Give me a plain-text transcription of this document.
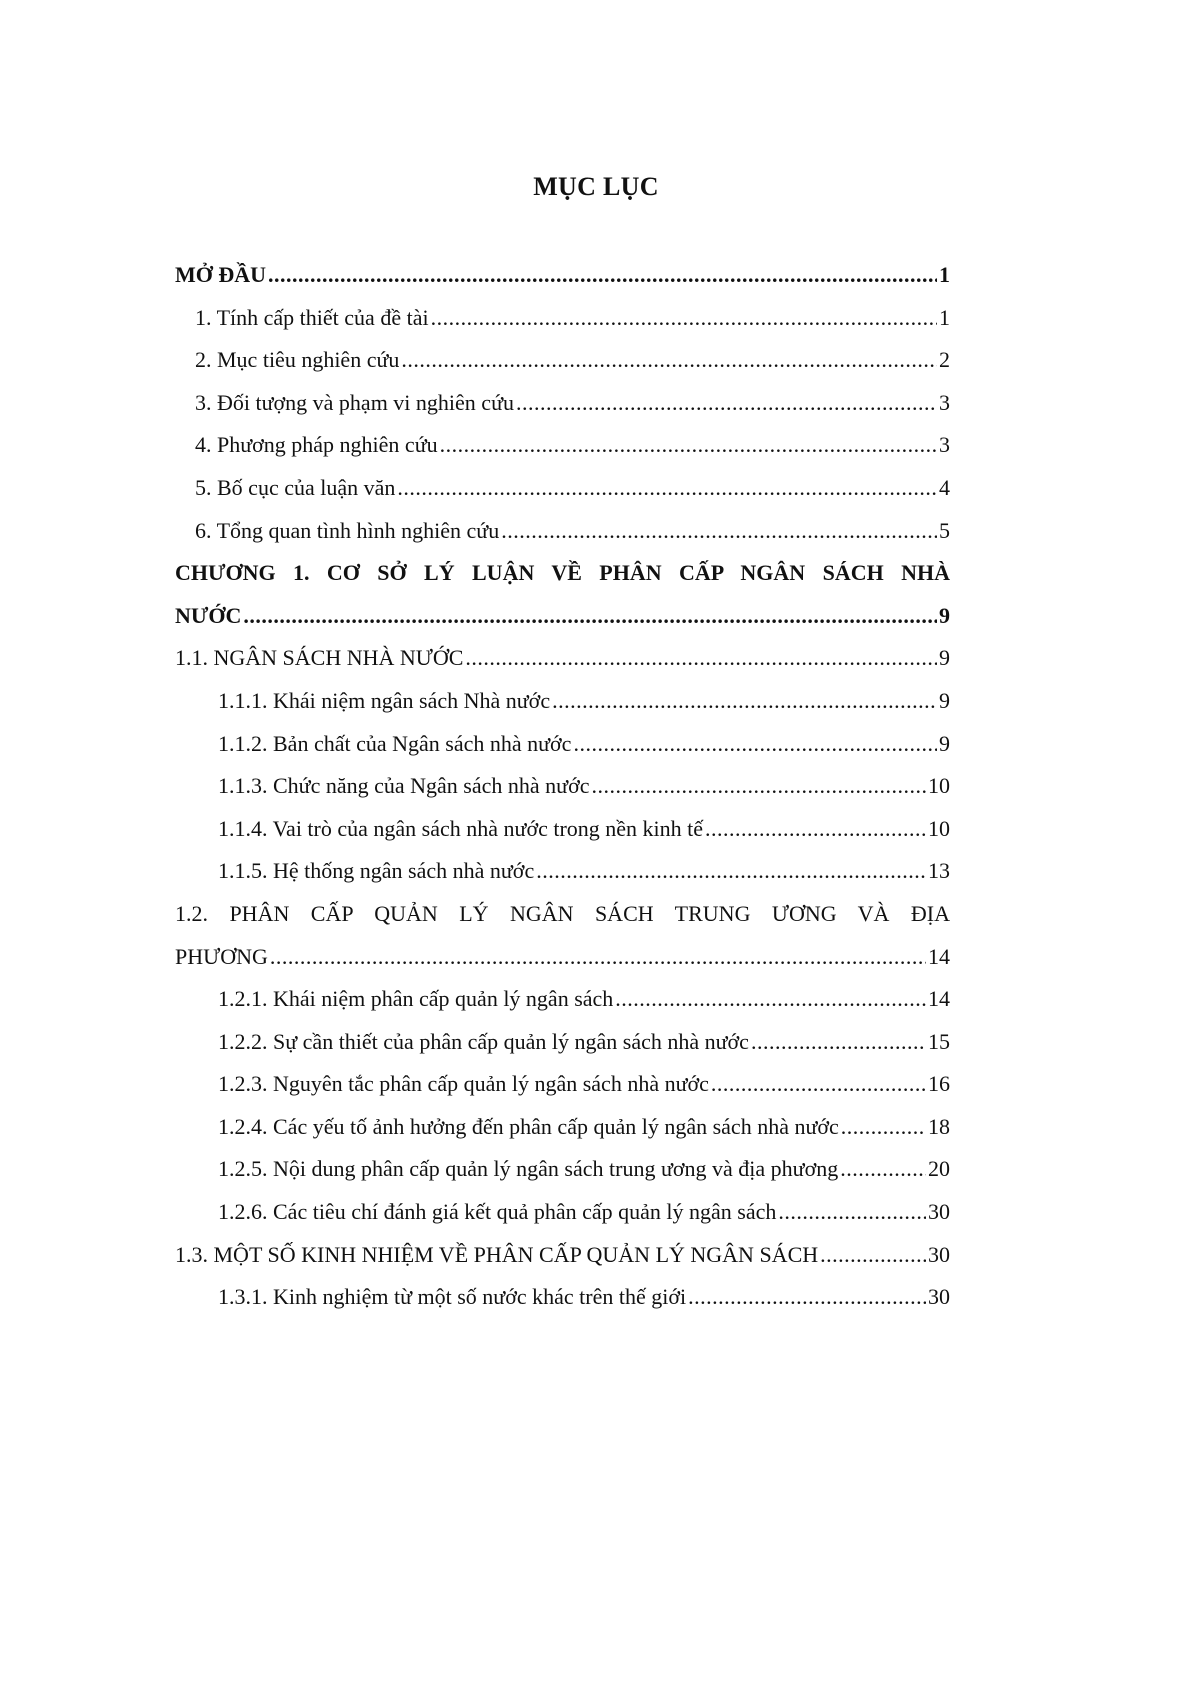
MỤC LỤC
MỞ ĐẦU .....	1
1. Tính cấp thiết của đề tài .....	1
2. Mục tiêu nghiên cứu .....	2
3. Đối tượng và phạm vi nghiên cứu .....	3
4. Phương pháp nghiên cứu .....	3
5. Bố cục của luận văn .....	4
6. Tổng quan tình hình nghiên cứu .....	5
CHƯƠNG 1. CƠ SỞ LÝ LUẬN VỀ PHÂN CẤP NGÂN SÁCH NHÀ
NƯỚC .....	9
1.1. NGÂN SÁCH NHÀ NƯỚC .....	9
1.1.1. Khái niệm ngân sách Nhà nước .....	9
1.1.2. Bản chất của Ngân sách nhà nước .....	9
1.1.3. Chức năng của Ngân sách nhà nước .....	10
1.1.4. Vai trò của ngân sách nhà nước trong nền kinh tế .....	10
1.1.5. Hệ thống ngân sách nhà nước .....	13
1.2. PHÂN CẤP QUẢN LÝ NGÂN SÁCH TRUNG ƯƠNG VÀ ĐỊA
PHƯƠNG .....	14
1.2.1. Khái niệm phân cấp quản lý ngân sách .....	14
1.2.2. Sự cần thiết của phân cấp quản lý ngân sách nhà nước .....	15
1.2.3. Nguyên tắc phân cấp quản lý ngân sách nhà nước .....	16
1.2.4. Các yếu tố ảnh hưởng đến phân cấp quản lý ngân sách nhà nước .....	18
1.2.5. Nội dung phân cấp quản lý ngân sách trung ương và địa phương .....	20
1.2.6. Các tiêu chí đánh giá kết quả phân cấp quản lý ngân sách .....	30
1.3. MỘT SỐ KINH NHIỆM VỀ PHÂN CẤP QUẢN LÝ NGÂN SÁCH .....	30
1.3.1. Kinh nghiệm từ một số nước khác trên thế giới .....	30
